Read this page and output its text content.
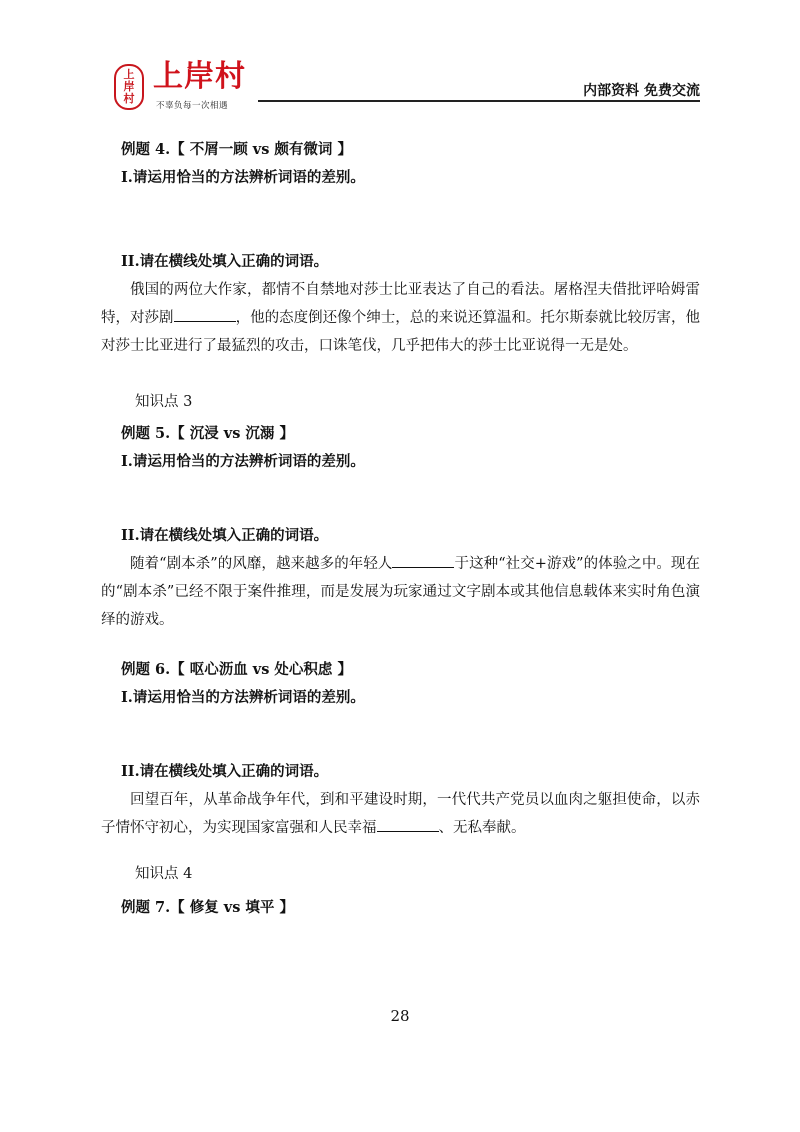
上
岸
村
上岸村
不辜负每一次相遇
内部资料 免费交流
例题 4.【 不屑一顾 vs 颇有微词 】
I.请运用恰当的方法辨析词语的差别。
II.请在横线处填入正确的词语。
俄国的两位大作家，都情不自禁地对莎士比亚表达了自己的看法。屠格涅夫借批评哈姆雷特，对莎剧	，他的态度倒还像个绅士，总的来说还算温和。托尔斯泰就比较厉害，他对莎士比亚进行了最猛烈的攻击，口诛笔伐，几乎把伟大的莎士比亚说得一无是处。
知识点 3
例题 5.【 沉浸 vs 沉溺 】
I.请运用恰当的方法辨析词语的差别。
II.请在横线处填入正确的词语。
随着“剧本杀”的风靡，越来越多的年轻人	于这种“社交+游戏”的体验之中。现在的“剧本杀”已经不限于案件推理，而是发展为玩家通过文字剧本或其他信息载体来实时角色演绎的游戏。
例题 6.【 呕心沥血 vs 处心积虑 】
I.请运用恰当的方法辨析词语的差别。
II.请在横线处填入正确的词语。
回望百年，从革命战争年代，到和平建设时期，一代代共产党员以血肉之躯担使命，以赤子情怀守初心，为实现国家富强和人民幸福	、无私奉献。
知识点 4
例题 7.【 修复 vs 填平 】
28
